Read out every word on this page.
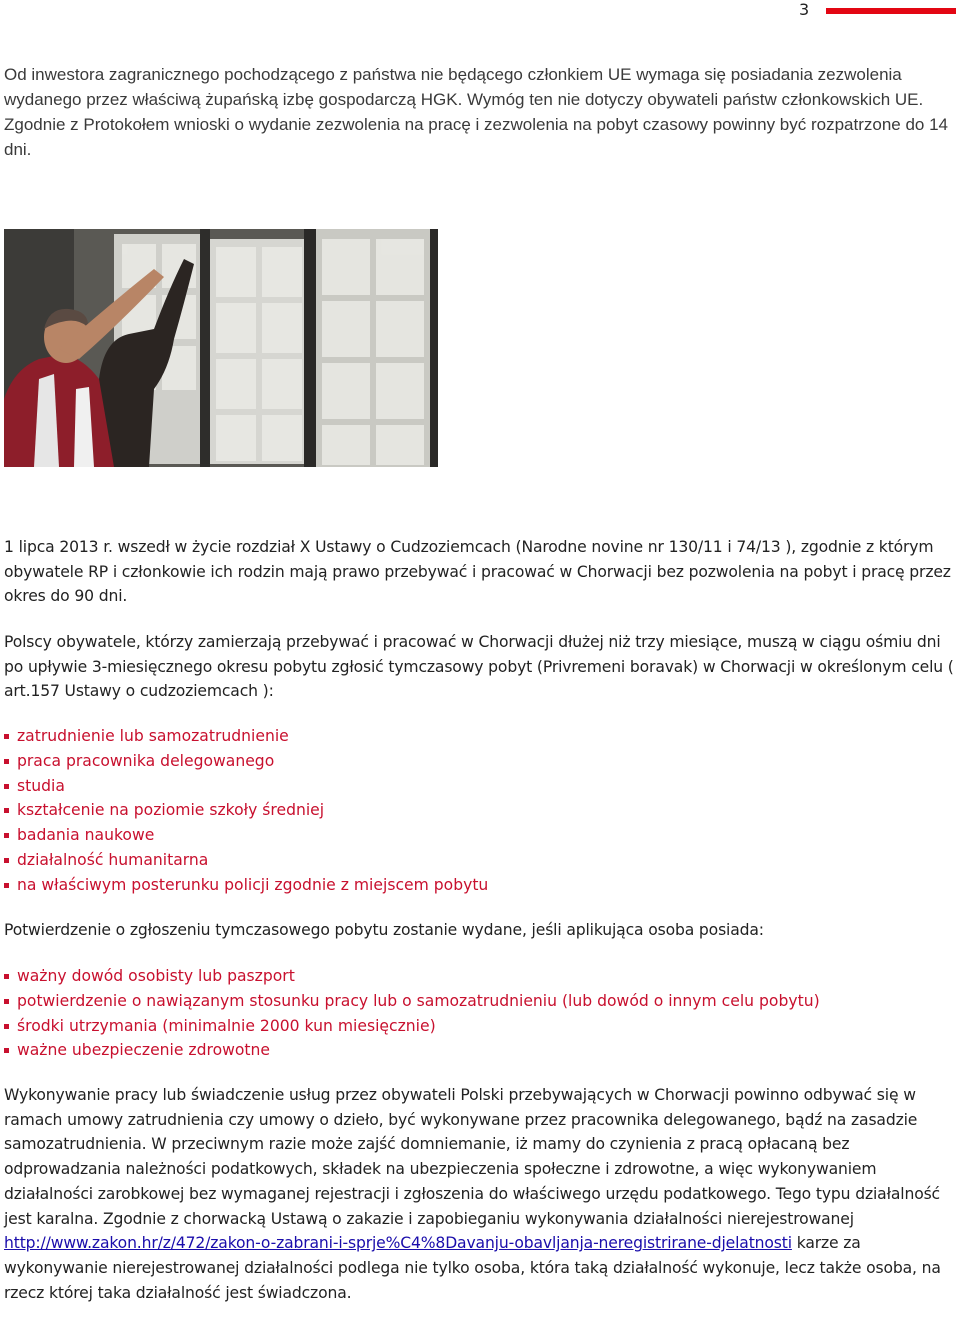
3

Od inwestora zagranicznego pochodzącego z państwa nie będącego członkiem UE wymaga się posiadania zezwolenia wydanego przez właściwą żupańską izbę gospodarczą HGK. Wymóg ten nie dotyczy obywateli państw członkowskich UE. Zgodnie z Protokołem wnioski o wydanie zezwolenia na pracę i zezwolenia na pobyt czasowy powinny być rozpatrzone do 14 dni.

1 lipca 2013 r. wszedł w życie rozdział X Ustawy o Cudzoziemcach (Narodne novine nr 130/11 i 74/13 ), zgodnie z którym obywatele RP i członkowie ich rodzin mają prawo przebywać i pracować w Chorwacji bez pozwolenia na pobyt i pracę przez okres do 90 dni.

Polscy obywatele, którzy zamierzają przebywać i pracować w Chorwacji dłużej niż trzy miesiące, muszą w ciągu ośmiu dni po upływie 3-miesięcznego okresu pobytu zgłosić tymczasowy pobyt (Privremeni boravak) w Chorwacji w określonym celu ( art.157 Ustawy o cudzoziemcach ):

zatrudnienie lub samozatrudnienie
praca pracownika delegowanego
studia
kształcenie na poziomie szkoły średniej
badania naukowe
działalność humanitarna
na właściwym posterunku policji zgodnie z miejscem pobytu

Potwierdzenie o zgłoszeniu tymczasowego pobytu zostanie wydane, jeśli aplikująca osoba posiada:

ważny dowód osobisty lub paszport
potwierdzenie o nawiązanym stosunku pracy lub o samozatrudnieniu (lub dowód o innym celu pobytu)
środki utrzymania (minimalnie 2000 kun miesięcznie)
ważne ubezpieczenie zdrowotne

Wykonywanie pracy lub świadczenie usług przez obywateli Polski przebywających w Chorwacji powinno odbywać się w ramach umowy zatrudnienia czy umowy o dzieło, być wykonywane przez pracownika delegowanego, bądź na zasadzie samozatrudnienia. W przeciwnym razie może zajść domniemanie, iż mamy do czynienia z pracą opłacaną bez odprowadzania należności podatkowych, składek na ubezpieczenia społeczne i zdrowotne, a więc wykonywaniem działalności zarobkowej bez wymaganej rejestracji i zgłoszenia do właściwego urzędu podatkowego. Tego typu działalność jest karalna. Zgodnie z chorwacką Ustawą o zakazie i zapobieganiu wykonywania działalności nierejestrowanej
http://www.zakon.hr/z/472/zakon-o-zabrani-i-sprje%C4%8Davanju-obavljanja-neregistrirane-djelatnosti karze za wykonywanie nierejestrowanej działalności podlega nie tylko osoba, która taką działalność wykonuje, lecz także osoba, na rzecz której taka działalność jest świadczona.
